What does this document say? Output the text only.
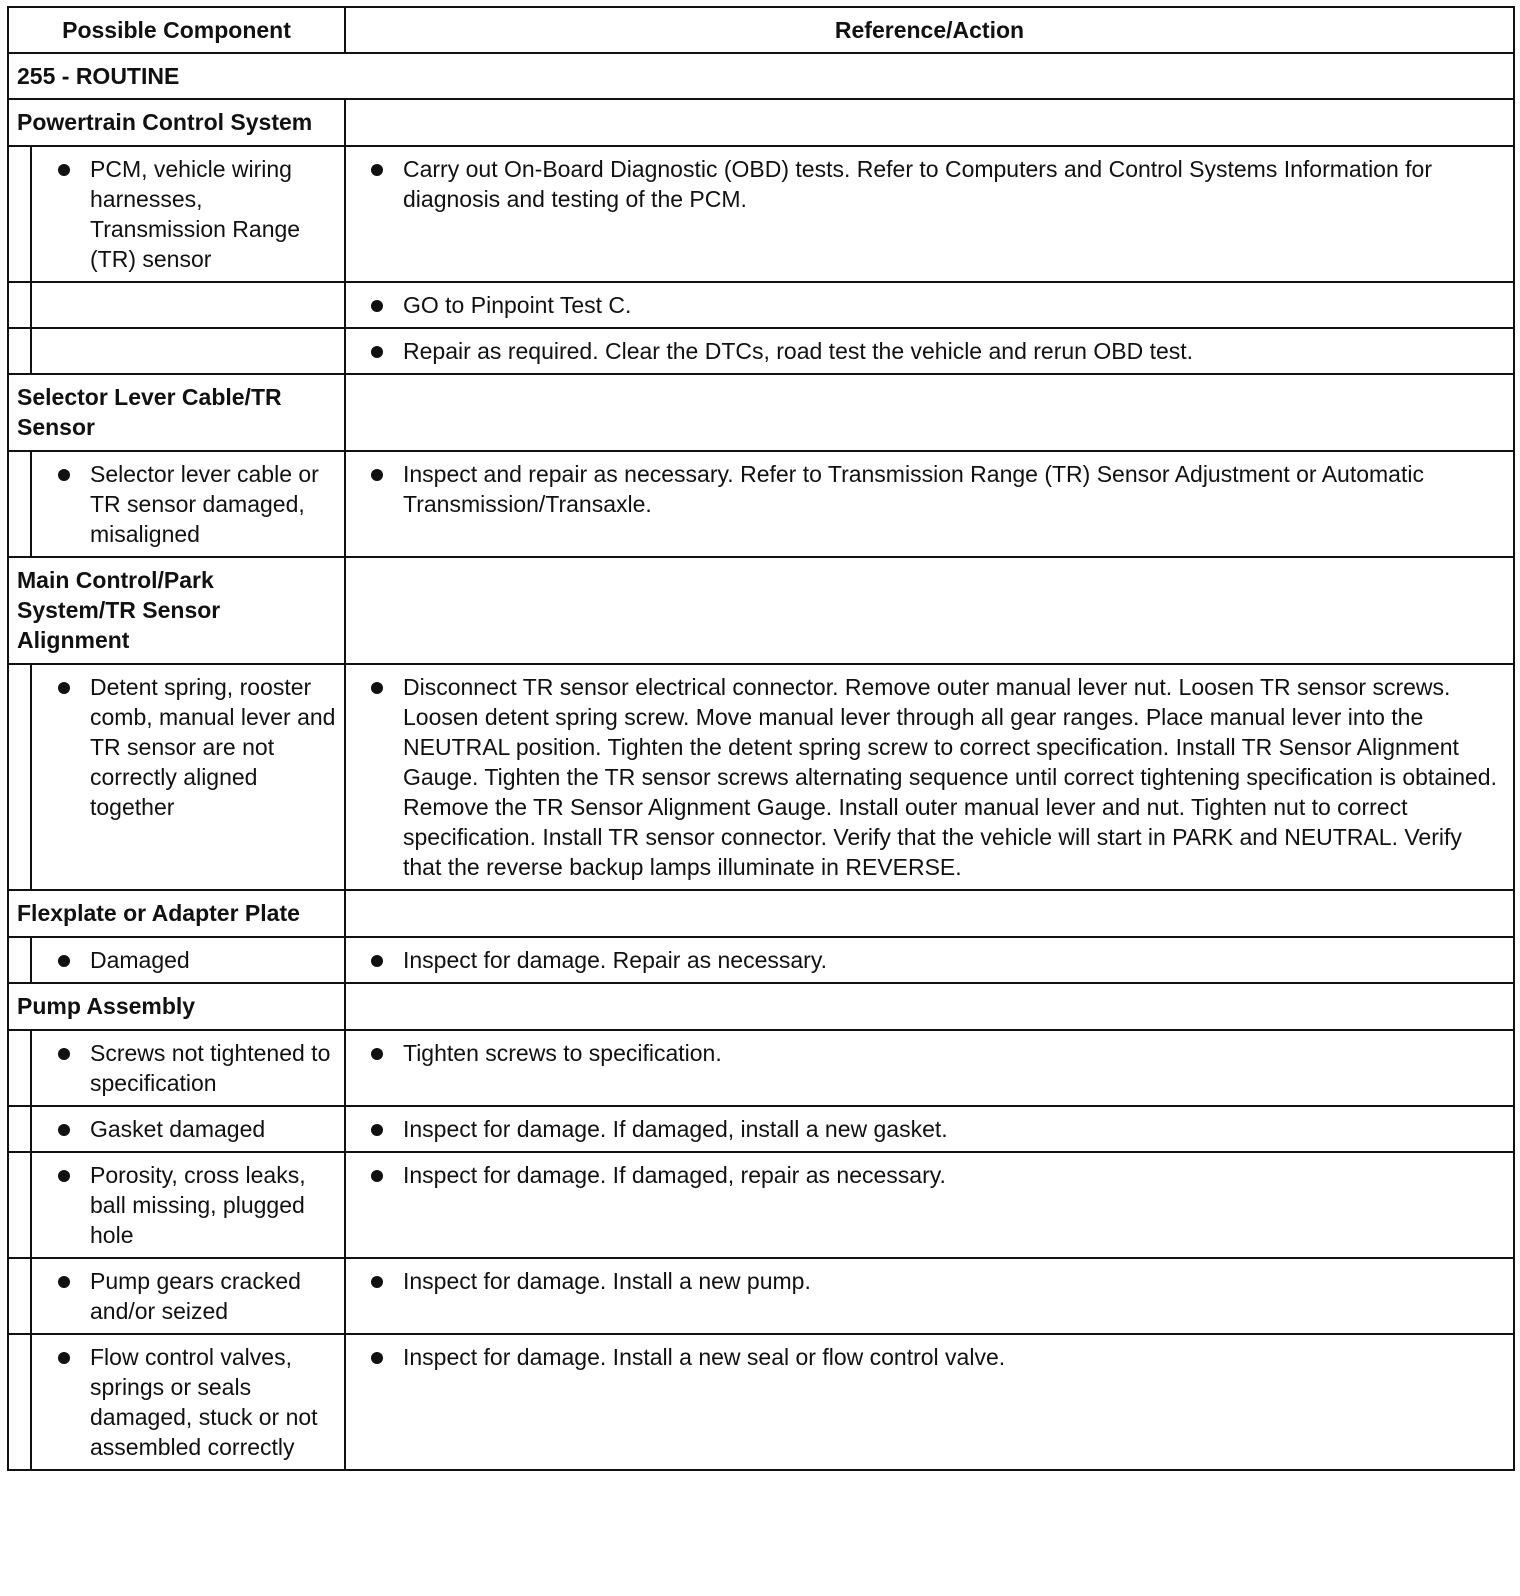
Possible Component		Reference/Action
255 - ROUTINE		
Powertrain Control System		

	PCM, vehicle wiring harnesses, Transmission Range (TR) sensor	Carry out On-Board Diagnostic (OBD) tests. Refer to Computers and Control Systems Information for diagnosis and testing of the PCM.

		GO to Pinpoint Test C.

		Repair as required. Clear the DTCs, road test the vehicle and rerun OBD test.

Selector Lever Cable/TR Sensor		

	Selector lever cable or TR sensor damaged, misaligned	Inspect and repair as necessary. Refer to Transmission Range (TR) Sensor Adjustment or Automatic Transmission/Transaxle.

Main Control/Park System/TR Sensor Alignment		

	Detent spring, rooster comb, manual lever and TR sensor are not correctly aligned together	Disconnect TR sensor electrical connector. Remove outer manual lever nut. Loosen TR sensor screws. Loosen detent spring screw. Move manual lever through all gear ranges. Place manual lever into the NEUTRAL position. Tighten the detent spring screw to correct specification. Install TR Sensor Alignment Gauge. Tighten the TR sensor screws alternating sequence until correct tightening specification is obtained. Remove the TR Sensor Alignment Gauge. Install outer manual lever and nut. Tighten nut to correct specification. Install TR sensor connector. Verify that the vehicle will start in PARK and NEUTRAL. Verify that the reverse backup lamps illuminate in REVERSE.

Flexplate or Adapter Plate		

	Damaged	Inspect for damage. Repair as necessary.

Pump Assembly		

	Screws not tightened to specification	Tighten screws to specification.

	Gasket damaged	Inspect for damage. If damaged, install a new gasket.

	Porosity, cross leaks, ball missing, plugged hole	Inspect for damage. If damaged, repair as necessary.

	Pump gears cracked and/or seized	Inspect for damage. Install a new pump.

	Flow control valves, springs or seals damaged, stuck or not assembled correctly	Inspect for damage. Install a new seal or flow control valve.
